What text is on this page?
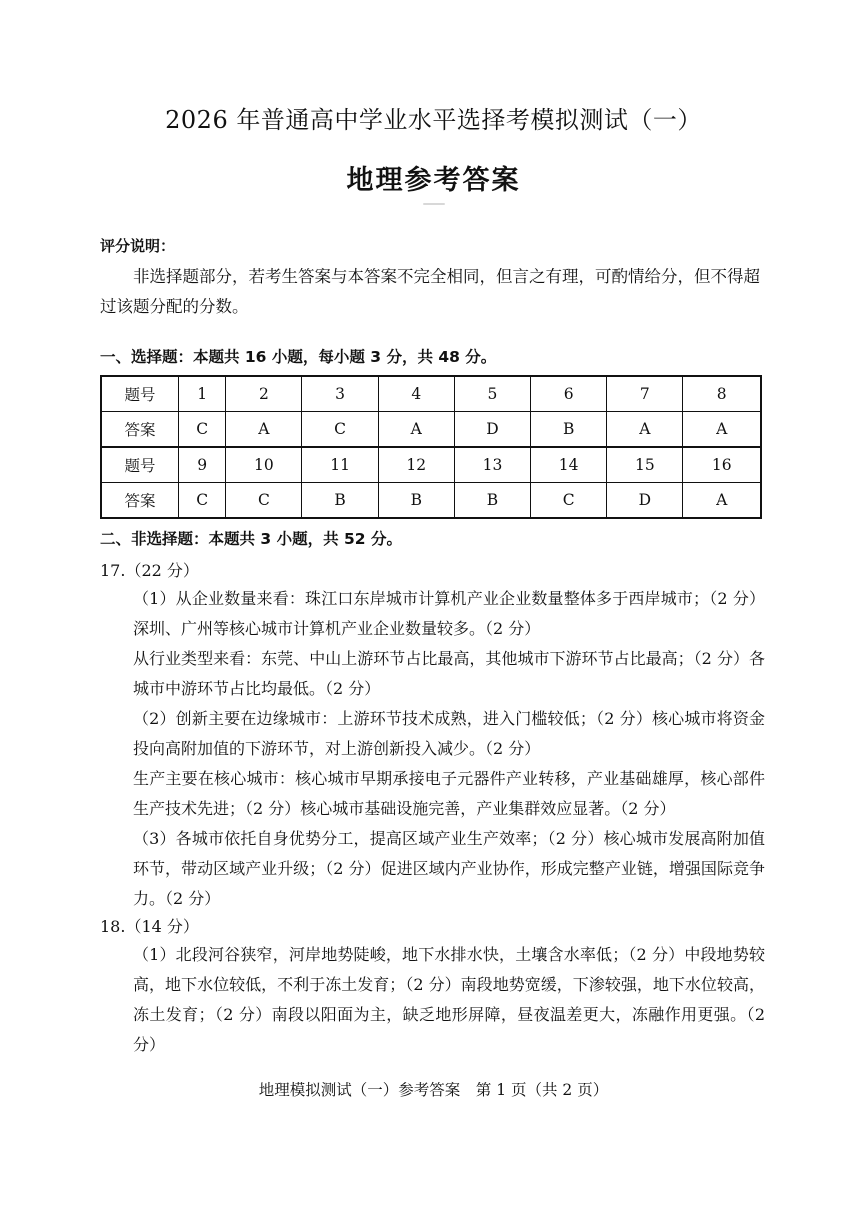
2026 年普通高中学业水平选择考模拟测试（一）
地理参考答案
评分说明：
非选择题部分，若考生答案与本答案不完全相同，但言之有理，可酌情给分，但不得超过该题分配的分数。
一、选择题：本题共 16 小题，每小题 3 分，共 48 分。
题号	1	2	3	4	5	6	7	8
答案	C	A	C	A	D	B	A	A
题号	9	10	11	12	13	14	15	16
答案	C	C	B	B	B	C	D	A
二、非选择题：本题共 3 小题，共 52 分。
17.（22 分）
（1）从企业数量来看：珠江口东岸城市计算机产业企业数量整体多于西岸城市；（2 分）深圳、广州等核心城市计算机产业企业数量较多。（2 分）
从行业类型来看：东莞、中山上游环节占比最高，其他城市下游环节占比最高；（2 分）各城市中游环节占比均最低。（2 分）
（2）创新主要在边缘城市：上游环节技术成熟，进入门槛较低；（2 分）核心城市将资金投向高附加值的下游环节，对上游创新投入减少。（2 分）
生产主要在核心城市：核心城市早期承接电子元器件产业转移，产业基础雄厚，核心部件生产技术先进；（2 分）核心城市基础设施完善，产业集群效应显著。（2 分）
（3）各城市依托自身优势分工，提高区域产业生产效率；（2 分）核心城市发展高附加值环节，带动区域产业升级；（2 分）促进区域内产业协作，形成完整产业链，增强国际竞争力。（2 分）
18.（14 分）
（1）北段河谷狭窄，河岸地势陡峻，地下水排水快，土壤含水率低；（2 分）中段地势较高，地下水位较低，不利于冻土发育；（2 分）南段地势宽缓，下渗较强，地下水位较高，冻土发育；（2 分）南段以阳面为主，缺乏地形屏障，昼夜温差更大，冻融作用更强。（2 分）
地理模拟测试（一）参考答案　第 1 页（共 2 页）
